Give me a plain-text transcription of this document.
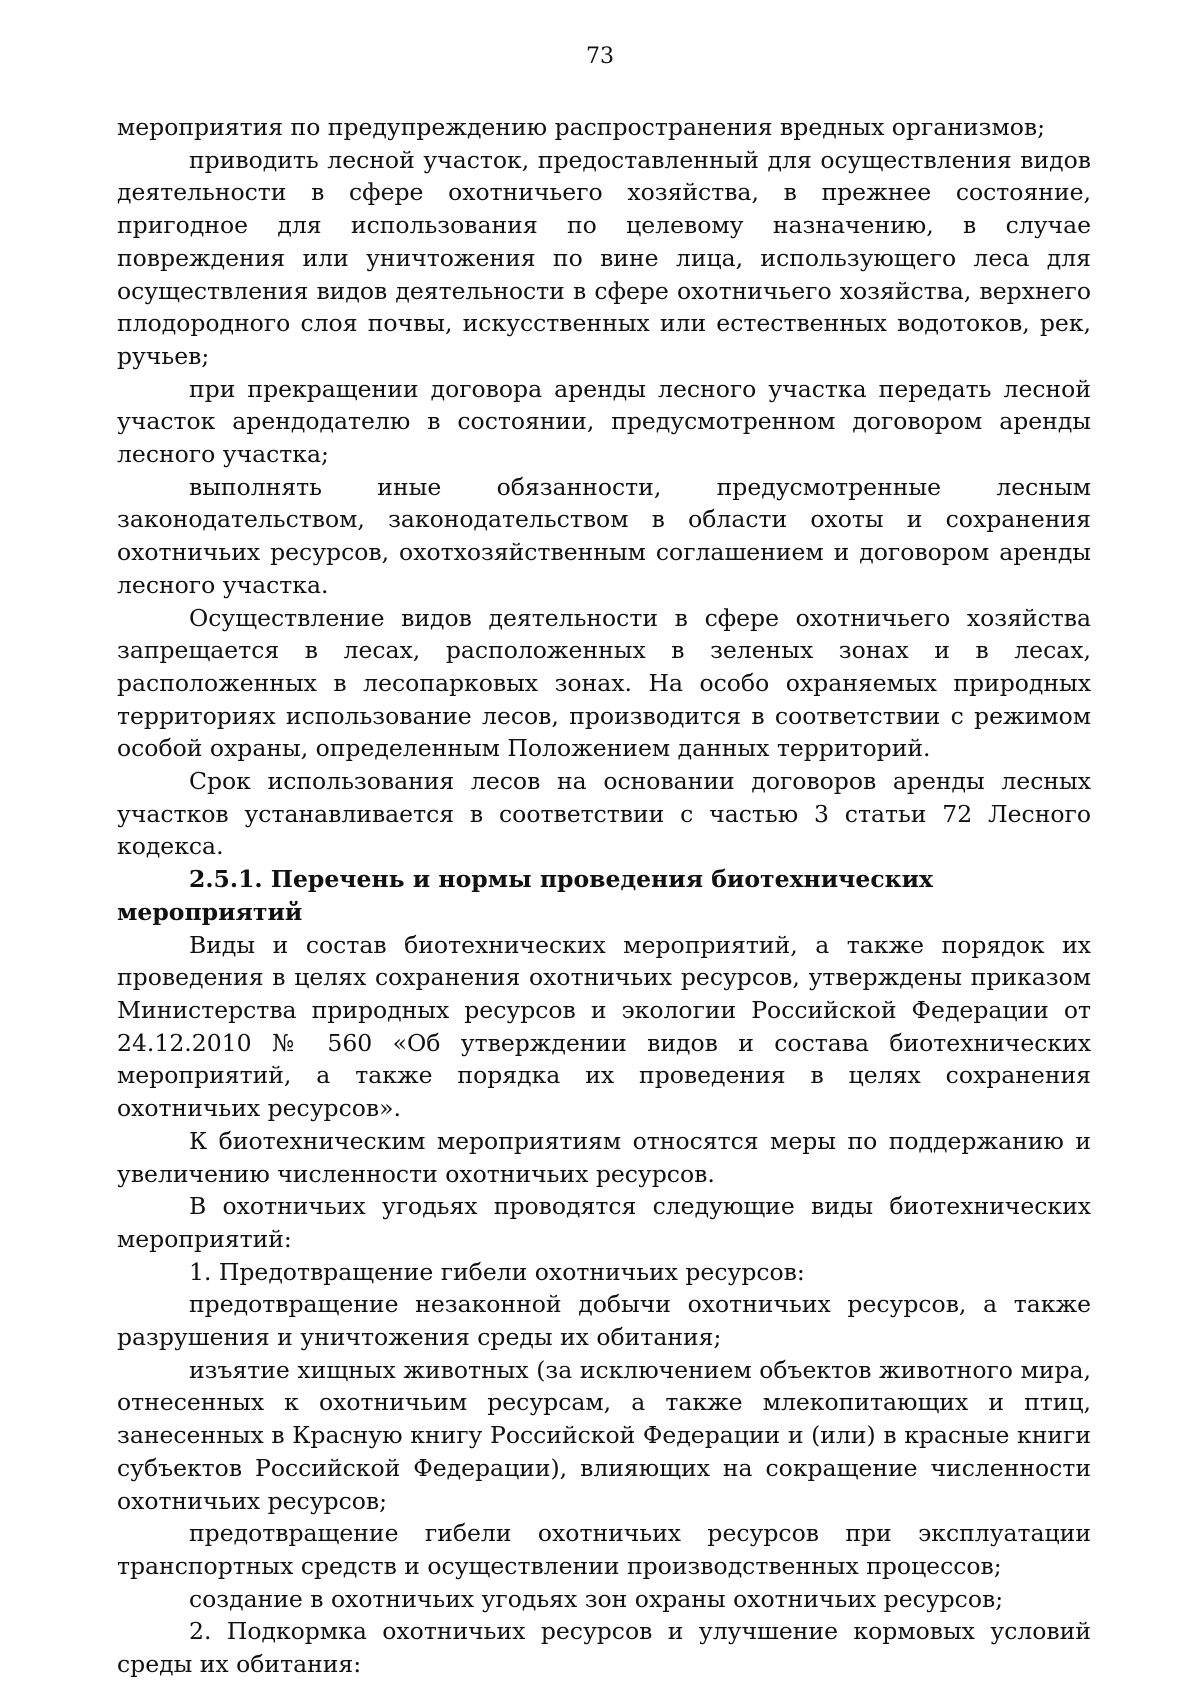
73

мероприятия по предупреждению распространения вредных организмов;

приводить лесной участок, предоставленный для осуществления видов деятельности в сфере охотничьего хозяйства, в прежнее состояние, пригодное для использования по целевому назначению, в случае повреждения или уничтожения по вине лица, использующего леса для осуществления видов деятельности в сфере охотничьего хозяйства, верхнего плодородного слоя почвы, искусственных или естественных водотоков, рек, ручьев;

при прекращении договора аренды лесного участка передать лесной участок арендодателю в состоянии, предусмотренном договором аренды лесного участка;

выполнять иные обязанности, предусмотренные лесным законодательством, законодательством в области охоты и сохранения охотничьих ресурсов, охотхозяйственным соглашением и договором аренды лесного участка.

Осуществление видов деятельности в сфере охотничьего хозяйства запрещается в лесах, расположенных в зеленых зонах и в лесах, расположенных в лесопарковых зонах. На особо охраняемых природных территориях использование лесов, производится в соответствии с режимом особой охраны, определенным Положением данных территорий.

Срок использования лесов на основании договоров аренды лесных участков устанавливается в соответствии с частью 3 статьи 72 Лесного кодекса.

2.5.1. Перечень и нормы проведения биотехнических мероприятий

Виды и состав биотехнических мероприятий, а также порядок их проведения в целях сохранения охотничьих ресурсов, утверждены приказом Министерства природных ресурсов и экологии Российской Федерации от 24.12.2010 № 560 «Об утверждении видов и состава биотехнических мероприятий, а также порядка их проведения в целях сохранения охотничьих ресурсов».

К биотехническим мероприятиям относятся меры по поддержанию и увеличению численности охотничьих ресурсов.

В охотничьих угодьях проводятся следующие виды биотехнических мероприятий:

1. Предотвращение гибели охотничьих ресурсов:

предотвращение незаконной добычи охотничьих ресурсов, а также разрушения и уничтожения среды их обитания;

изъятие хищных животных (за исключением объектов животного мира, отнесенных к охотничьим ресурсам, а также млекопитающих и птиц, занесенных в Красную книгу Российской Федерации и (или) в красные книги субъектов Российской Федерации), влияющих на сокращение численности охотничьих ресурсов;

предотвращение гибели охотничьих ресурсов при эксплуатации транспортных средств и осуществлении производственных процессов;

создание в охотничьих угодьях зон охраны охотничьих ресурсов;

2. Подкормка охотничьих ресурсов и улучшение кормовых условий среды их обитания:
